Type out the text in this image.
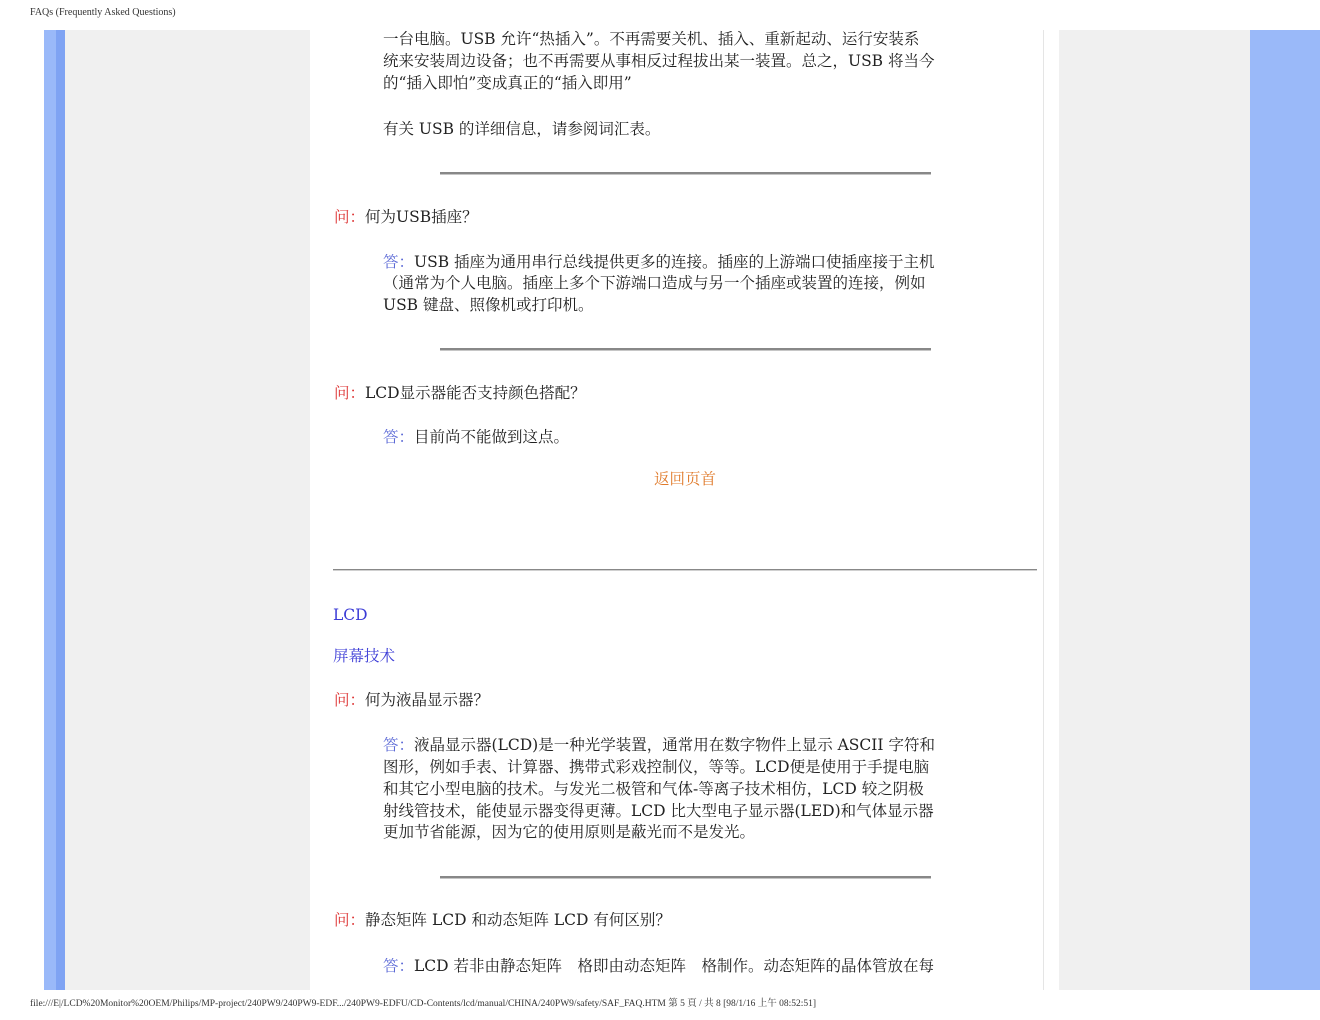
FAQs (Frequently Asked Questions)

一台电脑。USB 允许“热插入”。不再需要关机、插入、重新起动、运行安装系

统来安装周边设备；也不再需要从事相反过程拔出某一装置。总之，USB 将当今

的“插入即怕”变成真正的“插入即用”

有关 USB 的详细信息，请参阅词汇表。

问：何为USB插座？

答：USB 插座为通用串行总线提供更多的连接。插座的上游端口使插座接于主机

（通常为个人电脑。插座上多个下游端口造成与另一个插座或装置的连接，例如

USB 键盘、照像机或打印机。

问：LCD显示器能否支持颜色搭配？

答：目前尚不能做到这点。

返回页首

LCD

屏幕技术

问：何为液晶显示器？

答：液晶显示器(LCD)是一种光学装置，通常用在数字物件上显示 ASCII 字符和

图形，例如手表、计算器、携带式彩戏控制仪，等等。LCD便是使用于手提电脑

和其它小型电脑的技术。与发光二极管和气体-等离子技术相仿，LCD 较之阴极

射线管技术，能使显示器变得更薄。LCD 比大型电子显示器(LED)和气体显示器

更加节省能源，因为它的使用原则是蔽光而不是发光。

问：静态矩阵 LCD 和动态矩阵 LCD 有何区别？

答：LCD 若非由静态矩阵　格即由动态矩阵　格制作。动态矩阵的晶体管放在每

file:///E|/LCD%20Monitor%20OEM/Philips/MP-project/240PW9/240PW9-EDF.../240PW9-EDFU/CD-Contents/lcd/manual/CHINA/240PW9/safety/SAF_FAQ.HTM 第 5 頁 / 共 8 [98/1/16 上午 08:52:51]
